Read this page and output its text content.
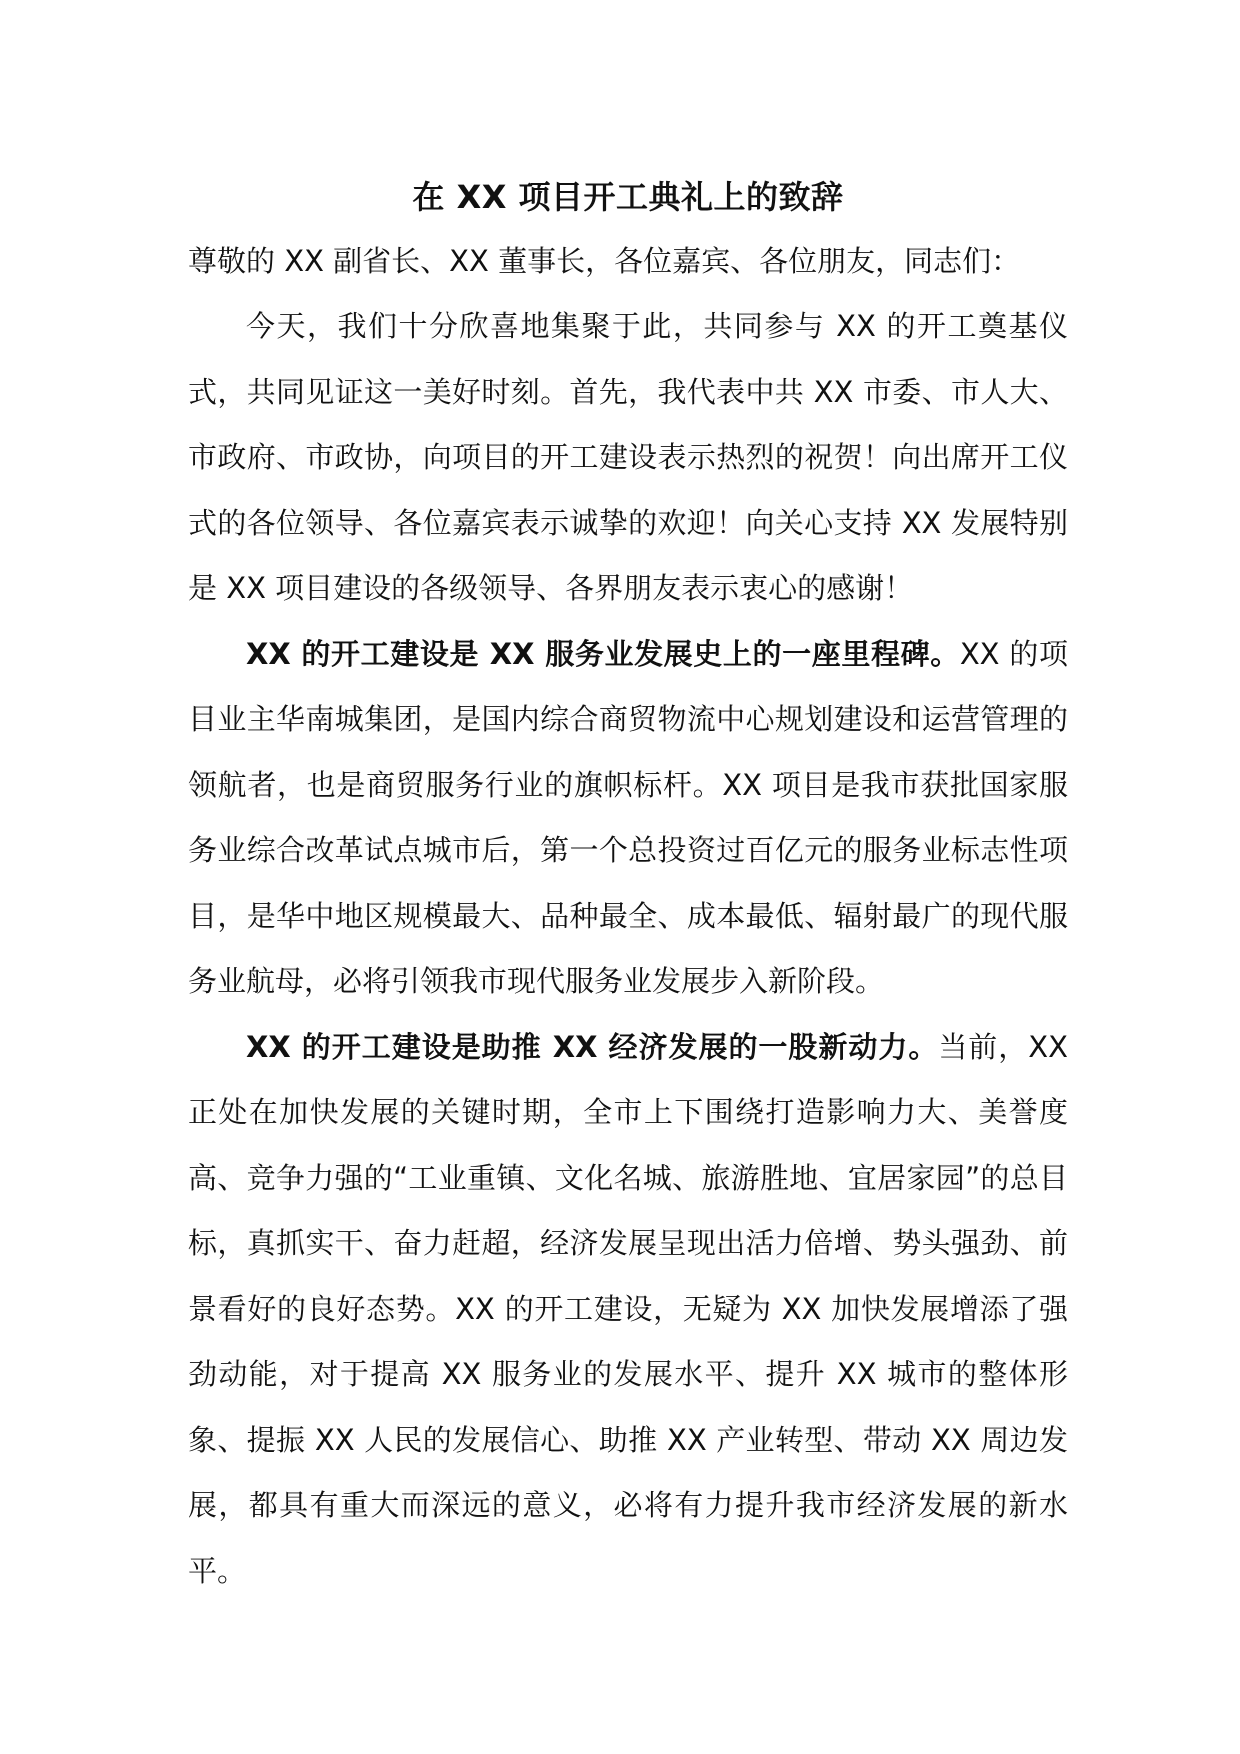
在 XX 项目开工典礼上的致辞

尊敬的 XX 副省长、XX 董事长，各位嘉宾、各位朋友，同志们：

今天，我们十分欣喜地集聚于此，共同参与 XX 的开工奠基仪式，共同见证这一美好时刻。首先，我代表中共 XX 市委、市人大、市政府、市政协，向项目的开工建设表示热烈的祝贺！向出席开工仪式的各位领导、各位嘉宾表示诚挚的欢迎！向关心支持 XX 发展特别是 XX 项目建设的各级领导、各界朋友表示衷心的感谢！

XX 的开工建设是 XX 服务业发展史上的一座里程碑。XX 的项目业主华南城集团，是国内综合商贸物流中心规划建设和运营管理的领航者，也是商贸服务行业的旗帜标杆。XX 项目是我市获批国家服务业综合改革试点城市后，第一个总投资过百亿元的服务业标志性项目，是华中地区规模最大、品种最全、成本最低、辐射最广的现代服务业航母，必将引领我市现代服务业发展步入新阶段。

XX 的开工建设是助推 XX 经济发展的一股新动力。当前，XX 正处在加快发展的关键时期，全市上下围绕打造影响力大、美誉度高、竞争力强的“工业重镇、文化名城、旅游胜地、宜居家园”的总目标，真抓实干、奋力赶超，经济发展呈现出活力倍增、势头强劲、前景看好的良好态势。XX 的开工建设，无疑为 XX 加快发展增添了强劲动能，对于提高 XX 服务业的发展水平、提升 XX 城市的整体形象、提振 XX 人民的发展信心、助推 XX 产业转型、带动 XX 周边发展，都具有重大而深远的意义，必将有力提升我市经济发展的新水平。
